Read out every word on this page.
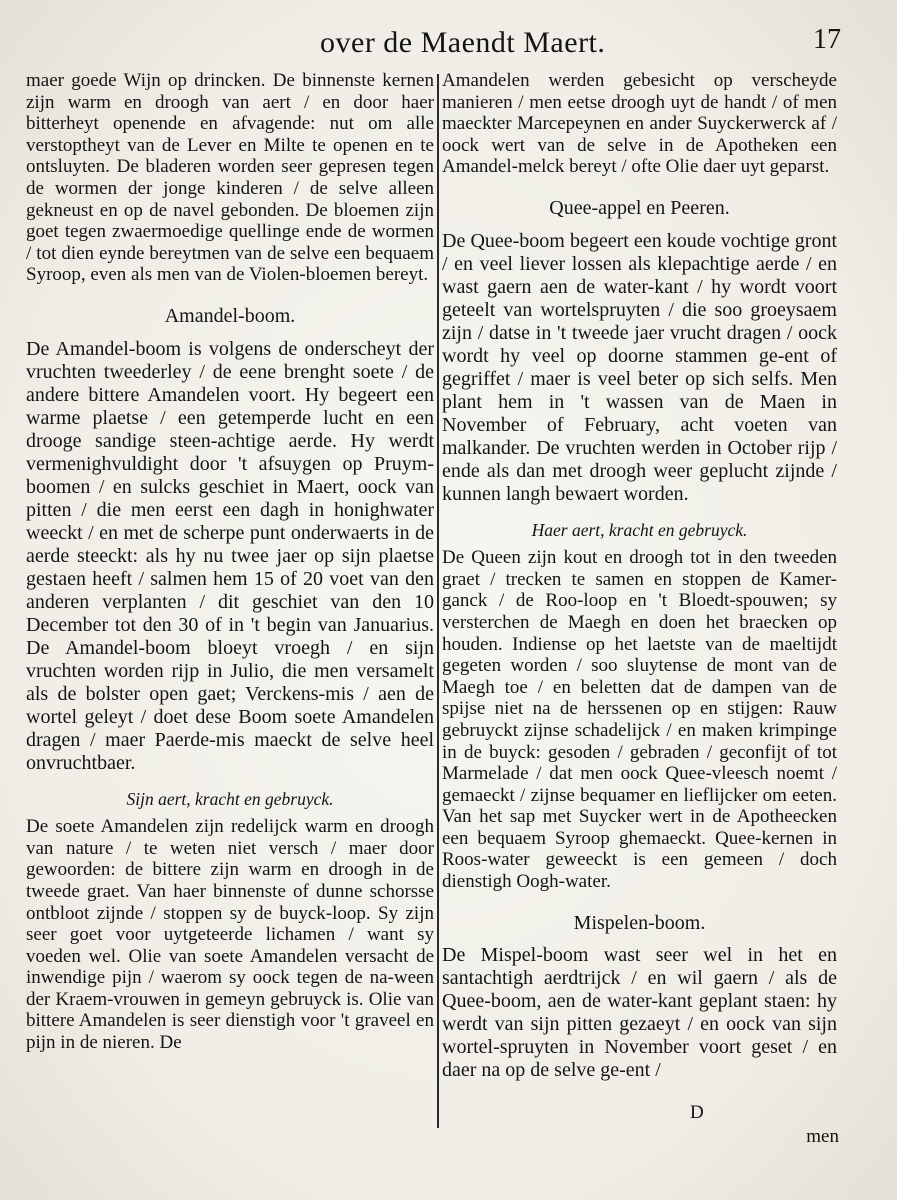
over de Maendt Maert.	17

maer goede Wijn op drincken. De binnenste kernen zijn warm en droogh van aert / en door haer bitterheyt openende en afvagende: nut om alle verstoptheyt van de Lever en Milte te openen en te ontsluyten. De bladeren worden seer gepresen tegen de wormen der jonge kinderen / de selve alleen gekneust en op de navel gebonden. De bloemen zijn goet tegen zwaermoedige quellinge ende de wormen / tot dien eynde bereytmen van de selve een bequaem Syroop, even als men van de Violen-bloemen bereyt.

Amandel-boom.

De Amandel-boom is volgens de onderscheyt der vruchten tweederley / de eene brenght soete / de andere bittere Amandelen voort. Hy begeert een warme plaetse / een getemperde lucht en een drooge sandige steen-achtige aerde. Hy werdt vermenighvuldight door 't afsuygen op Pruym-boomen / en sulcks geschiet in Maert, oock van pitten / die men eerst een dagh in honighwater weeckt / en met de scherpe punt onderwaerts in de aerde steeckt: als hy nu twee jaer op sijn plaetse gestaen heeft / salmen hem 15 of 20 voet van den anderen verplanten / dit geschiet van den 10 December tot den 30 of in 't begin van Januarius. De Amandel-boom bloeyt vroegh / en sijn vruchten worden rijp in Julio, die men versamelt als de bolster open gaet; Verckens-mis / aen de wortel geleyt / doet dese Boom soete Amandelen dragen / maer Paerde-mis maeckt de selve heel onvruchtbaer.

Sijn aert, kracht en gebruyck.

De soete Amandelen zijn redelijck warm en droogh van nature / te weten niet versch / maer door gewoorden: de bittere zijn warm en droogh in de tweede graet. Van haer binnenste of dunne schorsse ontbloot zijnde / stoppen sy de buyck-loop. Sy zijn seer goet voor uytgeteerde lichamen / want sy voeden wel. Olie van soete Amandelen versacht de inwendige pijn / waerom sy oock tegen de na-ween der Kraem-vrouwen in gemeyn gebruyck is. Olie van bittere Amandelen is seer dienstigh voor 't graveel en pijn in de nieren. De

Amandelen werden gebesicht op verscheyde manieren / men eetse droogh uyt de handt / of men maeckter Marcepeynen en ander Suyckerwerck af / oock wert van de selve in de Apotheken een Amandel-melck bereyt / ofte Olie daer uyt geparst.

Quee-appel en Peeren.

De Quee-boom begeert een koude vochtige gront / en veel liever lossen als klepachtige aerde / en wast gaern aen de water-kant / hy wordt voort geteelt van wortelspruyten / die soo groeysaem zijn / datse in 't tweede jaer vrucht dragen / oock wordt hy veel op doorne stammen ge-ent of gegriffet / maer is veel beter op sich selfs. Men plant hem in 't wassen van de Maen in November of February, acht voeten van malkander. De vruchten werden in October rijp / ende als dan met droogh weer geplucht zijnde / kunnen langh bewaert worden.

Haer aert, kracht en gebruyck.

De Queen zijn kout en droogh tot in den tweeden graet / trecken te samen en stoppen de Kamer-ganck / de Roo-loop en 't Bloedt-spouwen; sy versterchen de Maegh en doen het braecken op houden. Indiense op het laetste van de maeltijdt gegeten worden / soo sluytense de mont van de Maegh toe / en beletten dat de dampen van de spijse niet na de herssenen op en stijgen: Rauw gebruyckt zijnse schadelijck / en maken krimpinge in de buyck: gesoden / gebraden / geconfijt of tot Marmelade / dat men oock Quee-vleesch noemt / gemaeckt / zijnse bequamer en lieflijcker om eeten. Van het sap met Suycker wert in de Apotheecken een bequaem Syroop ghemaeckt. Quee-kernen in Roos-water geweeckt is een gemeen / doch dienstigh Oogh-water.

Mispelen-boom.

De Mispel-boom wast seer wel in het en santachtigh aerdtrijck / en wil gaern / als de Quee-boom, aen de water-kant geplant staen: hy werdt van sijn pitten gezaeyt / en oock van sijn wortel-spruyten in November voort geset / en daer na op de selve ge-ent /

D
men
